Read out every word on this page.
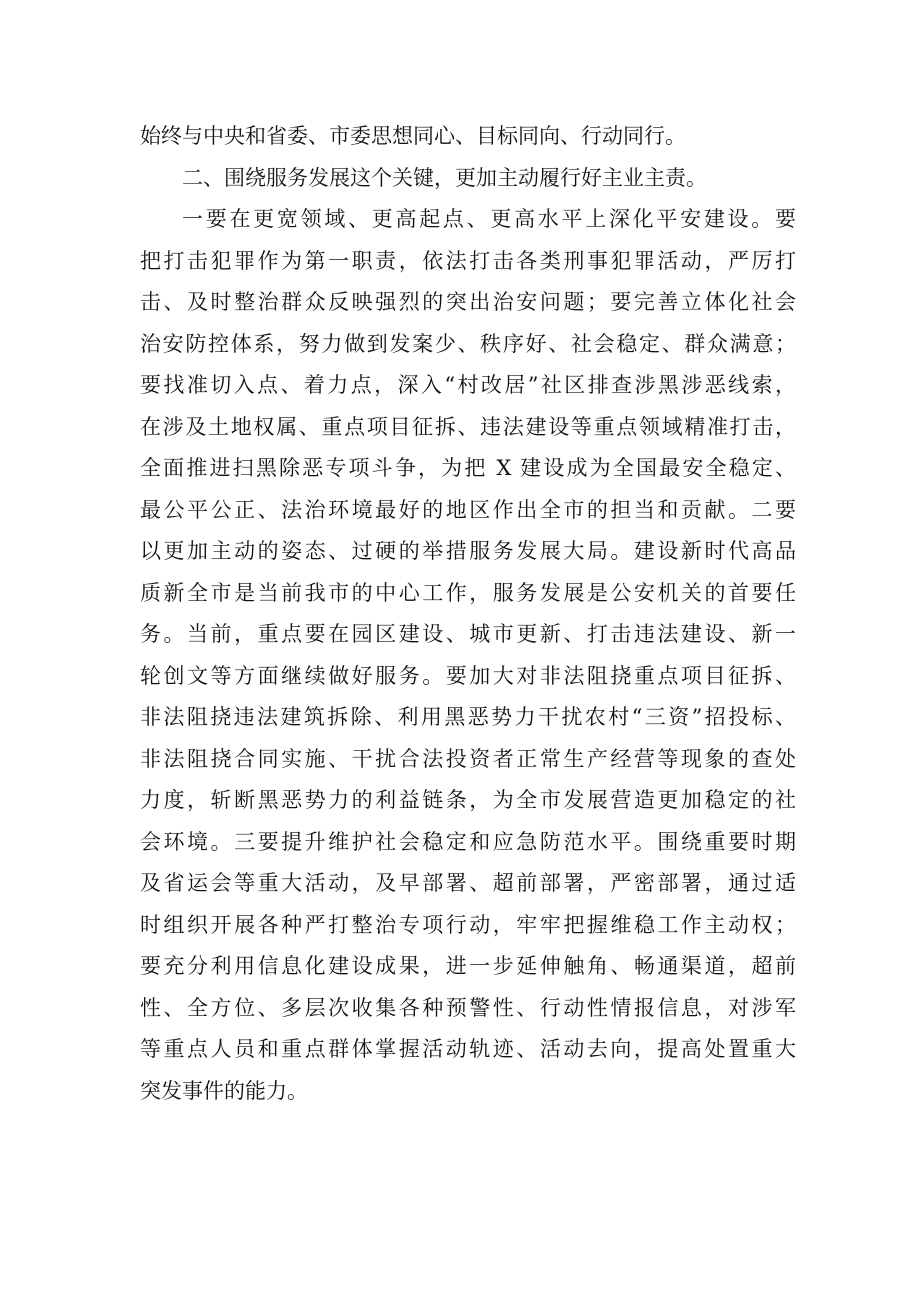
始终与中央和省委、市委思想同心、目标同向、行动同行。
二、围绕服务发展这个关键，更加主动履行好主业主责。
一要在更宽领域、更高起点、更高水平上深化平安建设。要
把打击犯罪作为第一职责，依法打击各类刑事犯罪活动，严厉打
击、及时整治群众反映强烈的突出治安问题；要完善立体化社会
治安防控体系，努力做到发案少、秩序好、社会稳定、群众满意；
要找准切入点、着力点，深入“村改居”社区排查涉黑涉恶线索，
在涉及土地权属、重点项目征拆、违法建设等重点领域精准打击，
全面推进扫黑除恶专项斗争，为把 X 建设成为全国最安全稳定、
最公平公正、法治环境最好的地区作出全市的担当和贡献。二要
以更加主动的姿态、过硬的举措服务发展大局。建设新时代高品
质新全市是当前我市的中心工作，服务发展是公安机关的首要任
务。当前，重点要在园区建设、城市更新、打击违法建设、新一
轮创文等方面继续做好服务。要加大对非法阻挠重点项目征拆、
非法阻挠违法建筑拆除、利用黑恶势力干扰农村“三资”招投标、
非法阻挠合同实施、干扰合法投资者正常生产经营等现象的查处
力度，斩断黑恶势力的利益链条，为全市发展营造更加稳定的社
会环境。三要提升维护社会稳定和应急防范水平。围绕重要时期
及省运会等重大活动，及早部署、超前部署，严密部署，通过适
时组织开展各种严打整治专项行动，牢牢把握维稳工作主动权；
要充分利用信息化建设成果，进一步延伸触角、畅通渠道，超前
性、全方位、多层次收集各种预警性、行动性情报信息，对涉军
等重点人员和重点群体掌握活动轨迹、活动去向，提高处置重大
突发事件的能力。
